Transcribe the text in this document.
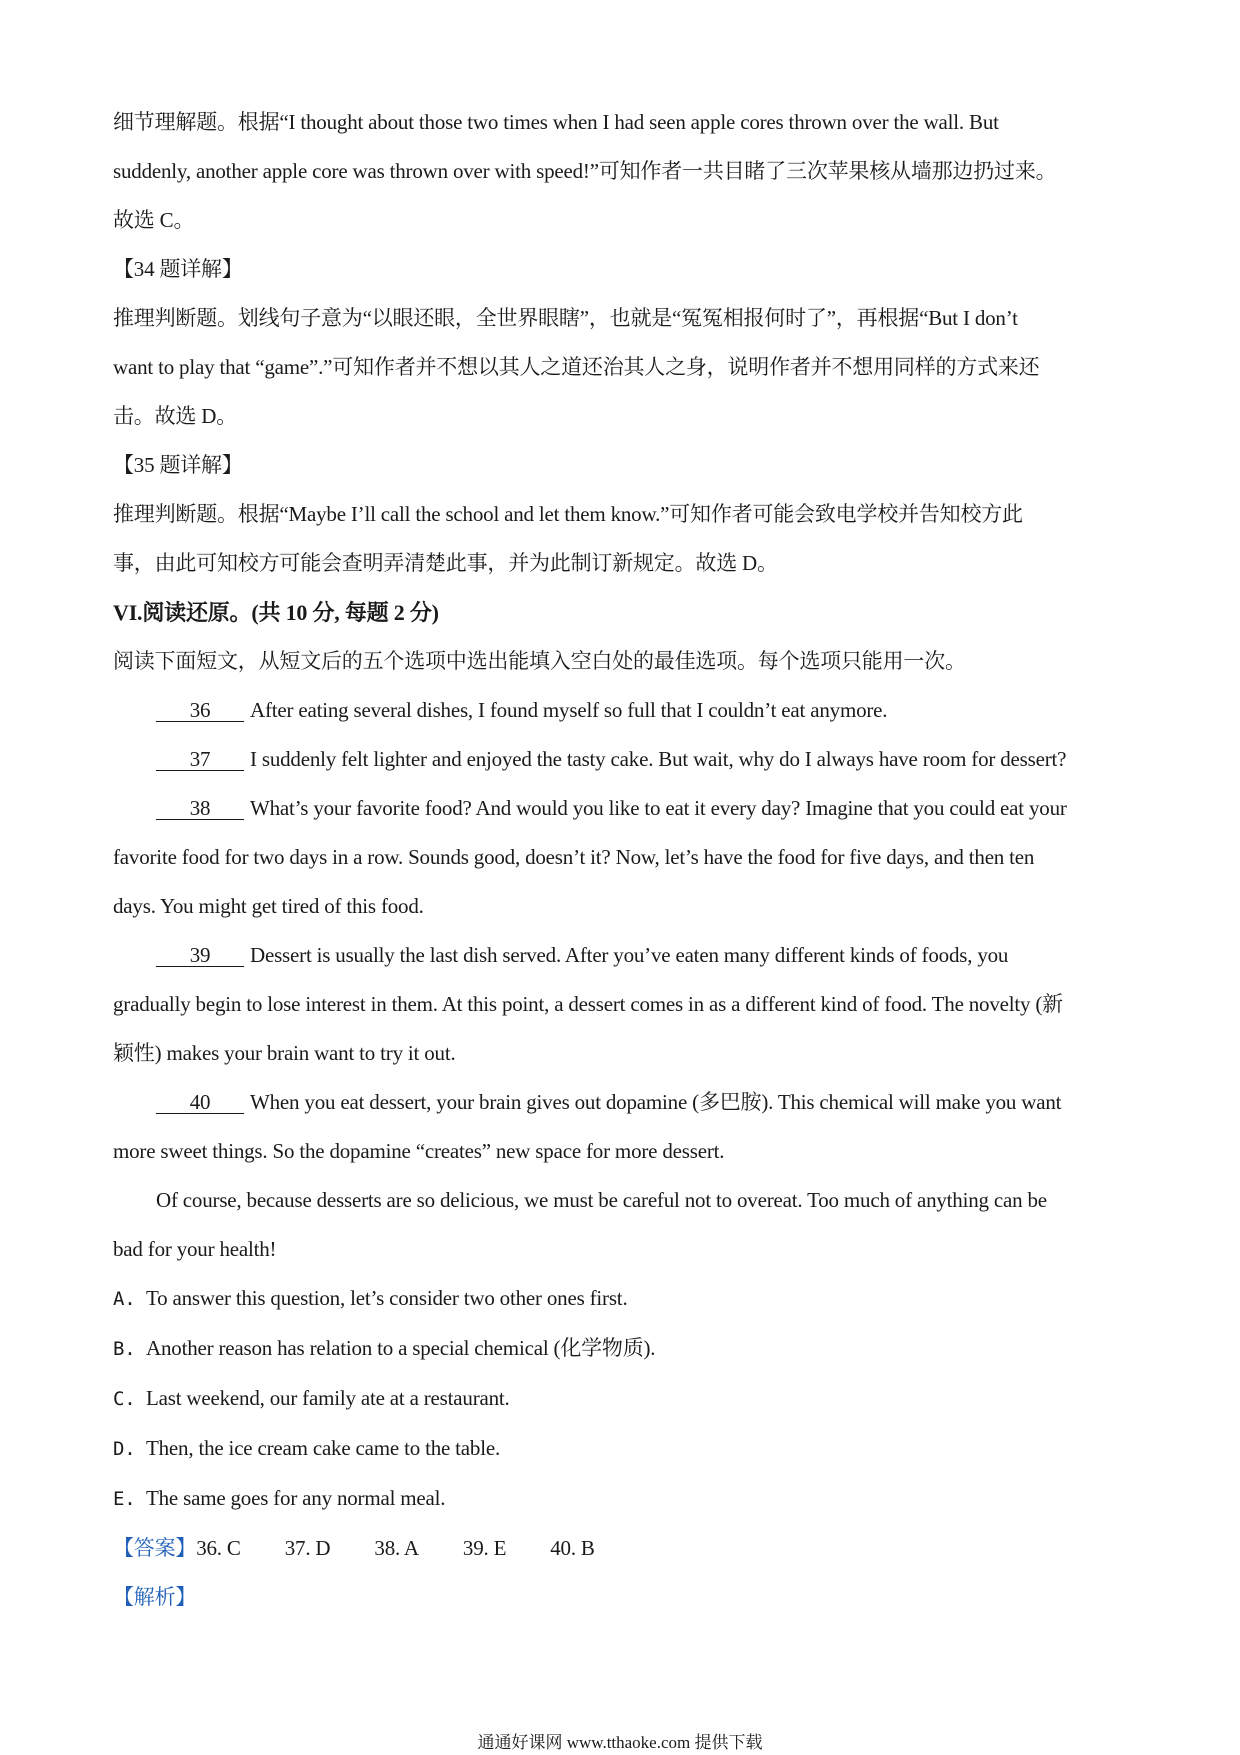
细节理解题。根据“I thought about those two times when I had seen apple cores thrown over the wall. But
suddenly, another apple core was thrown over with speed!”可知作者一共目睹了三次苹果核从墙那边扔过来。
故选 C。
【34 题详解】
推理判断题。划线句子意为“以眼还眼，全世界眼瞎”，也就是“冤冤相报何时了”，再根据“But I don’t
want to play that “game”.”可知作者并不想以其人之道还治其人之身，说明作者并不想用同样的方式来还
击。故选 D。
【35 题详解】
推理判断题。根据“Maybe I’ll call the school and let them know.”可知作者可能会致电学校并告知校方此
事，由此可知校方可能会查明弄清楚此事，并为此制订新规定。故选 D。
VI.阅读还原。(共 10 分, 每题 2 分)
阅读下面短文，从短文后的五个选项中选出能填入空白处的最佳选项。每个选项只能用一次。
36 After eating several dishes, I found myself so full that I couldn’t eat anymore.
37 I suddenly felt lighter and enjoyed the tasty cake. But wait, why do I always have room for dessert?
38 What’s your favorite food? And would you like to eat it every day? Imagine that you could eat your
favorite food for two days in a row. Sounds good, doesn’t it? Now, let’s have the food for five days, and then ten
days. You might get tired of this food.
39 Dessert is usually the last dish served. After you’ve eaten many different kinds of foods, you
gradually begin to lose interest in them. At this point, a dessert comes in as a different kind of food. The novelty (新
颖性) makes your brain want to try it out.
40 When you eat dessert, your brain gives out dopamine (多巴胺). This chemical will make you want
more sweet things. So the dopamine “creates” new space for more dessert.
Of course, because desserts are so delicious, we must be careful not to overeat. Too much of anything can be
bad for your health!
A. To answer this question, let’s consider two other ones first.
B. Another reason has relation to a special chemical (化学物质).
C. Last weekend, our family ate at a restaurant.
D. Then, the ice cream cake came to the table.
E. The same goes for any normal meal.
【答案】36. C 37. D 38. A 39. E 40. B
【解析】
通通好课网 www.tthaoke.com 提供下载
